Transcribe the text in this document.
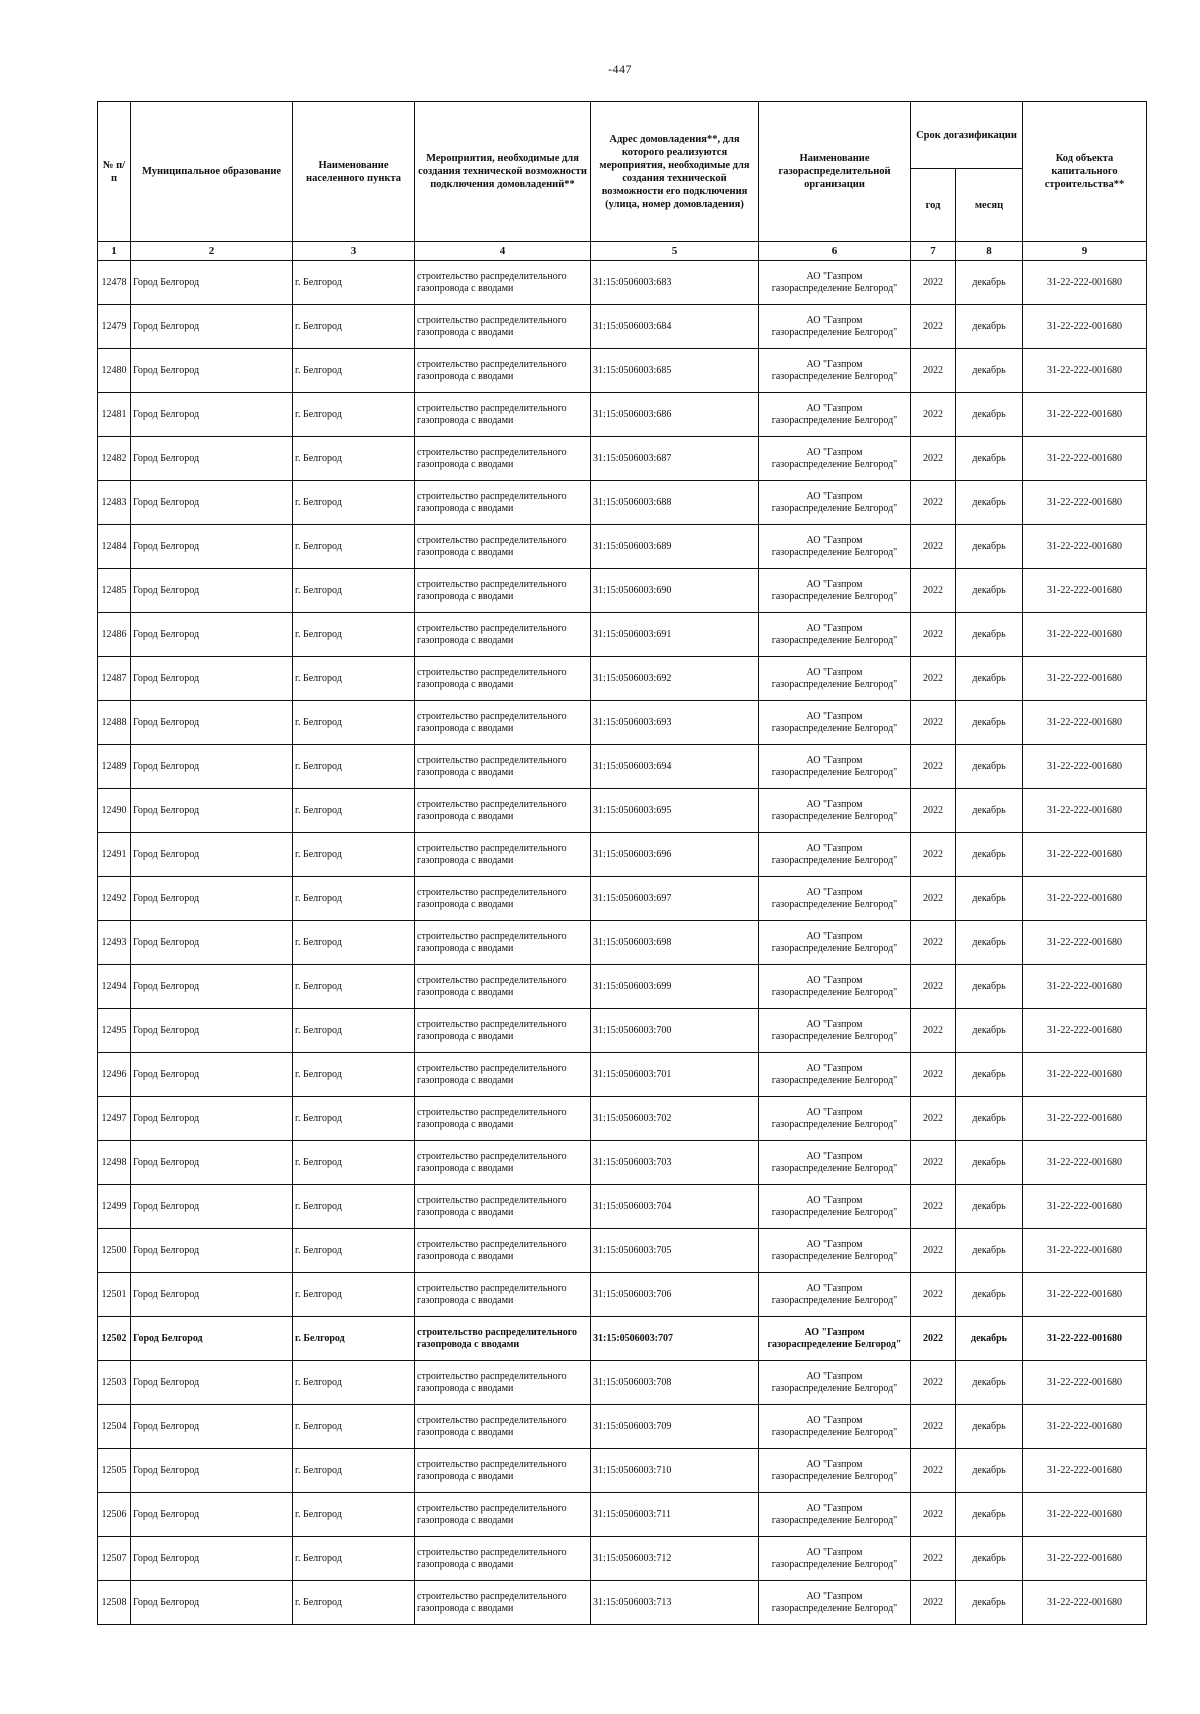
-447
№ п/п	Муниципальное образование	Наименование населенного пункта	Мероприятия, необходимые для создания технической возможности подключения домовладений**	Адрес домовладения**, для которого реализуются мероприятия, необходимые для создания технической возможности его подключения (улица, номер домовладения)	Наименование газораспределительной организации	Срок догазификации		Код объекта капитального строительства**
						год	месяц	
1	2	3	4	5	6	7	8	9
12478	Город Белгород	г. Белгород	строительство распределительного газопровода с вводами	31:15:0506003:683	АО "Газпром
газораспределение Белгород"	2022	декабрь	31-22-222-001680
12479	Город Белгород	г. Белгород	строительство распределительного газопровода с вводами	31:15:0506003:684	АО "Газпром
газораспределение Белгород"	2022	декабрь	31-22-222-001680
12480	Город Белгород	г. Белгород	строительство распределительного газопровода с вводами	31:15:0506003:685	АО "Газпром
газораспределение Белгород"	2022	декабрь	31-22-222-001680
12481	Город Белгород	г. Белгород	строительство распределительного газопровода с вводами	31:15:0506003:686	АО "Газпром
газораспределение Белгород"	2022	декабрь	31-22-222-001680
12482	Город Белгород	г. Белгород	строительство распределительного газопровода с вводами	31:15:0506003:687	АО "Газпром
газораспределение Белгород"	2022	декабрь	31-22-222-001680
12483	Город Белгород	г. Белгород	строительство распределительного газопровода с вводами	31:15:0506003:688	АО "Газпром
газораспределение Белгород"	2022	декабрь	31-22-222-001680
12484	Город Белгород	г. Белгород	строительство распределительного газопровода с вводами	31:15:0506003:689	АО "Газпром
газораспределение Белгород"	2022	декабрь	31-22-222-001680
12485	Город Белгород	г. Белгород	строительство распределительного газопровода с вводами	31:15:0506003:690	АО "Газпром
газораспределение Белгород"	2022	декабрь	31-22-222-001680
12486	Город Белгород	г. Белгород	строительство распределительного газопровода с вводами	31:15:0506003:691	АО "Газпром
газораспределение Белгород"	2022	декабрь	31-22-222-001680
12487	Город Белгород	г. Белгород	строительство распределительного газопровода с вводами	31:15:0506003:692	АО "Газпром
газораспределение Белгород"	2022	декабрь	31-22-222-001680
12488	Город Белгород	г. Белгород	строительство распределительного газопровода с вводами	31:15:0506003:693	АО "Газпром
газораспределение Белгород"	2022	декабрь	31-22-222-001680
12489	Город Белгород	г. Белгород	строительство распределительного газопровода с вводами	31:15:0506003:694	АО "Газпром
газораспределение Белгород"	2022	декабрь	31-22-222-001680
12490	Город Белгород	г. Белгород	строительство распределительного газопровода с вводами	31:15:0506003:695	АО "Газпром
газораспределение Белгород"	2022	декабрь	31-22-222-001680
12491	Город Белгород	г. Белгород	строительство распределительного газопровода с вводами	31:15:0506003:696	АО "Газпром
газораспределение Белгород"	2022	декабрь	31-22-222-001680
12492	Город Белгород	г. Белгород	строительство распределительного газопровода с вводами	31:15:0506003:697	АО "Газпром
газораспределение Белгород"	2022	декабрь	31-22-222-001680
12493	Город Белгород	г. Белгород	строительство распределительного газопровода с вводами	31:15:0506003:698	АО "Газпром
газораспределение Белгород"	2022	декабрь	31-22-222-001680
12494	Город Белгород	г. Белгород	строительство распределительного газопровода с вводами	31:15:0506003:699	АО "Газпром
газораспределение Белгород"	2022	декабрь	31-22-222-001680
12495	Город Белгород	г. Белгород	строительство распределительного газопровода с вводами	31:15:0506003:700	АО "Газпром
газораспределение Белгород"	2022	декабрь	31-22-222-001680
12496	Город Белгород	г. Белгород	строительство распределительного газопровода с вводами	31:15:0506003:701	АО "Газпром
газораспределение Белгород"	2022	декабрь	31-22-222-001680
12497	Город Белгород	г. Белгород	строительство распределительного газопровода с вводами	31:15:0506003:702	АО "Газпром
газораспределение Белгород"	2022	декабрь	31-22-222-001680
12498	Город Белгород	г. Белгород	строительство распределительного газопровода с вводами	31:15:0506003:703	АО "Газпром
газораспределение Белгород"	2022	декабрь	31-22-222-001680
12499	Город Белгород	г. Белгород	строительство распределительного газопровода с вводами	31:15:0506003:704	АО "Газпром
газораспределение Белгород"	2022	декабрь	31-22-222-001680
12500	Город Белгород	г. Белгород	строительство распределительного газопровода с вводами	31:15:0506003:705	АО "Газпром
газораспределение Белгород"	2022	декабрь	31-22-222-001680
12501	Город Белгород	г. Белгород	строительство распределительного газопровода с вводами	31:15:0506003:706	АО "Газпром
газораспределение Белгород"	2022	декабрь	31-22-222-001680
12502	Город Белгород	г. Белгород	строительство распределительного газопровода с вводами	31:15:0506003:707	АО "Газпром
газораспределение Белгород"	2022	декабрь	31-22-222-001680
12503	Город Белгород	г. Белгород	строительство распределительного газопровода с вводами	31:15:0506003:708	АО "Газпром
газораспределение Белгород"	2022	декабрь	31-22-222-001680
12504	Город Белгород	г. Белгород	строительство распределительного газопровода с вводами	31:15:0506003:709	АО "Газпром
газораспределение Белгород"	2022	декабрь	31-22-222-001680
12505	Город Белгород	г. Белгород	строительство распределительного газопровода с вводами	31:15:0506003:710	АО "Газпром
газораспределение Белгород"	2022	декабрь	31-22-222-001680
12506	Город Белгород	г. Белгород	строительство распределительного газопровода с вводами	31:15:0506003:711	АО "Газпром
газораспределение Белгород"	2022	декабрь	31-22-222-001680
12507	Город Белгород	г. Белгород	строительство распределительного газопровода с вводами	31:15:0506003:712	АО "Газпром
газораспределение Белгород"	2022	декабрь	31-22-222-001680
12508	Город Белгород	г. Белгород	строительство распределительного газопровода с вводами	31:15:0506003:713	АО "Газпром
газораспределение Белгород"	2022	декабрь	31-22-222-001680
